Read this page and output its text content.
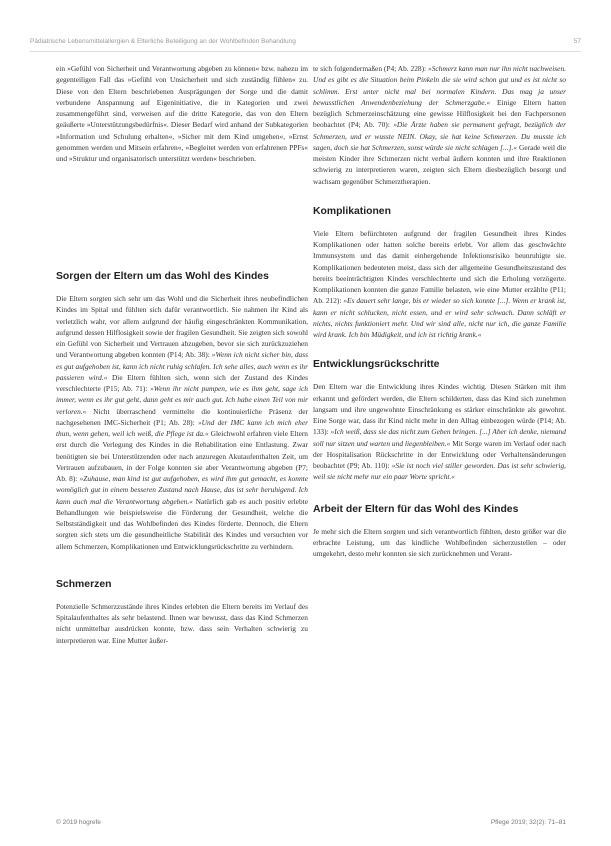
Pädiatrische Lebensmittelallergien & Elterliche Beteiligung an der Wohlbefinden Behandlung	57

ein »Gefühl von Sicherheit und Verantwortung abgeben zu können« bzw. nahezu im gegenteiligen Fall das »Gefühl von Unsicherheit und sich zuständig fühlen« zu. Diese von den Eltern beschriebenen Ausprägungen der Sorge und die damit verbundene Anspannung auf Eigeninitiative, die in Kategorien und zwei zusammengeführt sind, verweisen auf die dritte Kategorie, das von den Eltern geäußerte »Unterstützungsbedürfnis«. Dieser Bedarf wird anhand der Subkategorien »Information und Schulung erhalten«, »Sicher mit dem Kind umgehen«, »Ernst genommen werden und Mitsein erfahren«, »Begleitet werden von erfahrenen PPFs« und »Struktur und organisatorisch unterstützt werden« beschrieben.

Sorgen der Eltern um das Wohl des Kindes

Die Eltern sorgten sich sehr um das Wohl und die Sicherheit ihres neubefindlichen Kindes im Spital und fühlten sich dafür verantwortlich. Sie nahmen ihr Kind als verletzlich wahr, vor allem aufgrund der häufig eingeschränkten Kommunikation, aufgrund dessen Hilflosigkeit sowie der fragilen Gesundheit. Sie zeigten sich sowohl ein Gefühl von Sicherheit und Vertrauen abzugeben, bevor sie sich zurückzuziehen und Verantwortung abgeben konnten (P14; Ab. 38): »Wenn ich nicht sicher bin, dass es gut aufgehoben ist, kann ich nicht ruhig schlafen. Ich sehe alles, auch wenn es ihr passieren wird.« Die Eltern fühlten sich, wenn sich der Zustand des Kindes verschlechterte (P15; Ab. 71): »Wenn ihr nicht pumpen, wie es ihm geht, sage ich immer, wenn es ihr gut geht, dann geht es mir auch gut. Ich habe einen Teil von mir verloren.« Nicht überraschend vermittelte die kontinuierliche Präsenz der nachgesehenen IMC-Sicherheit (P1; Ab. 28): »Und der IMC kann ich mich eher thun, wenn gehen, weil ich weiß, die Pflege ist da.« Gleichwohl erfahren viele Eltern erst durch die Verlegung des Kindes in die Rehabilitation eine Entlastung. Zwar benötigten sie bei Unterstützenden oder nach anzuregen Akutaufenthalten Zeit, um Vertrauen aufzubauen, in der Folge konnten sie aber Verantwortung abgeben (P7; Ab. 8): »Zuhause, man kind ist gut aufgehoben, es wird ihm gut gemacht, es konnte womöglich gut in einem besseren Zustand nach Hause, das ist sehr beruhigend. Ich kann auch mal die Verantwortung abgeben.« Natürlich gab es auch positiv erlebte Behandlungen wie beispielsweise die Förderung der Gesundheit, welche die Selbstständigkeit und das Wohlbefinden des Kindes förderte. Dennoch, die Eltern sorgten sich stets um die gesundheitliche Stabilität des Kindes und versuchten vor allem Schmerzen, Komplikationen und Entwicklungsrückschritte zu verhindern.

Schmerzen

Potenzielle Schmerzzustände ihres Kindes erlebten die Eltern bereits im Verlauf des Spitalaufenthaltes als sehr belastend. Ihnen war bewusst, dass das Kind Schmerzen nicht unmittelbar ausdrücken konnte, bzw. dass sein Verhalten schwierig zu interpretieren war. Eine Mutter äußer-

te sich folgendermaßen (P4; Ab. 228): »Schmerz kann man nur ihn nicht nachweisen. Und es gibt es die Situation beim Pinkeln die sie wird schon gut und es ist nicht so schlimm. Erst unter nicht mal bei normalen Kindern. Das mag ja unser bewusstlichen Anwendenbeziehung der Schmerzgabe.« Einige Eltern hatten bezüglich Schmerzeinschätzung eine gewisse Hilflosigkeit bei den Fachpersonen beobachtet (P4; Ab. 70): »Die Ärzte haben sie permanent gefragt, bezüglich der Schmerzen, und er wusste NEIN. Okay, sie hat keine Schmerzen. Du musste ich sagen, doch sie hat Schmerzen, sonst würde sie nicht schlagen [...].« Gerade weil die meisten Kinder ihre Schmerzen nicht verbal äußern konnten und ihre Reaktionen schwierig zu interpretieren waren, zeigten sich Eltern diesbezüglich besorgt und wachsam gegenüber Schmerztherapien.

Komplikationen

Viele Eltern befürchteten aufgrund der fragilen Gesundheit ihres Kindes Komplikationen oder hatten solche bereits erlebt. Vor allem das geschwächte Immunsystem und das damit einhergehende Infektionsrisiko beunruhigte sie. Komplikationen bedeuteten meist, dass sich der allgemeine Gesundheitszustand des bereits beeinträchtigten Kindes verschlechterte und sich die Erholung verzögerte. Komplikationen konnten die ganze Familie belasten, wie eine Mutter erzählte (P11; Ab. 212): »Es dauert sehr lange, bis er wieder so sich konnte [...]. Wenn er krank ist, kann er nicht schlucken, nicht essen, und er wird sehr schwach. Dann schläft er nichts, nichts funktioniert mehr. Und wir sind alle, nicht nur ich, die ganze Familie wird krank. Ich bin Müdigkeit, und ich ist richtig krank.«

Entwicklungsrückschritte

Den Eltern war die Entwicklung ihres Kindes wichtig. Diesen Stärken mit ihm erkannt und gefördert werden, die Eltern schilderten, dass das Kind sich zunehmen langsam und ihre ungewohnte Einschränkung es stärker einschränkte als gewohnt. Eine Sorge war, dass ihr Kind nicht mehr in den Alltag einbezogen würde (P14; Ab. 133): »Ich weiß, dass sie das nicht zum Geben bringen. [...] Aber ich denke, niemand soll nur sitzen und warten und liegenbleiben.« Mit Sorge waren im Verlauf oder nach der Hospitalisation Rückschritte in der Entwicklung oder Verhaltensänderungen beobachtet (P9; Ab. 110): »Sie ist noch viel stiller geworden. Das ist sehr schwierig, weil sie nicht mehr nur ein paar Worte spricht.«

Arbeit der Eltern für das Wohl des Kindes

Je mehr sich die Eltern sorgten und sich verantwortlich fühlten, desto größer war die erbrachte Leistung, um das kindliche Wohlbefinden sicherzustellen – oder umgekehrt, desto mehr konnten sie sich zurücknehmen und Verant-

© 2019 hogrefe	Pflege 2019; 32(2): 71–81
